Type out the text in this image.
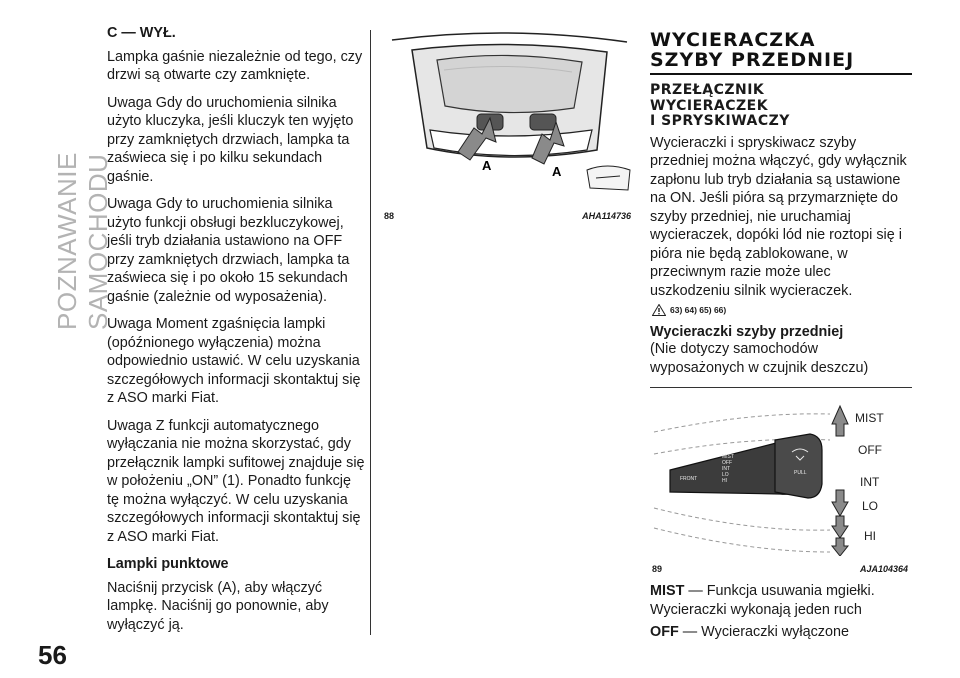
POZNAWANIE SAMOCHODU
56

C — WYŁ.

Lampka gaśnie niezależnie od tego, czy drzwi są otwarte czy zamknięte.

Uwaga Gdy do uruchomienia silnika użyto kluczyka, jeśli kluczyk ten wyjęto przy zamkniętych drzwiach, lampka ta zaświeca się i po kilku sekundach gaśnie.

Uwaga Gdy to uruchomienia silnika użyto funkcji obsługi bezkluczykowej, jeśli tryb działania ustawiono na OFF przy zamkniętych drzwiach, lampka ta zaświeca się i po około 15 sekundach gaśnie (zależnie od wyposażenia).

Uwaga Moment zgaśnięcia lampki (opóźnionego wyłączenia) można odpowiednio ustawić. W celu uzyskania szczegółowych informacji skontaktuj się z ASO marki Fiat.

Uwaga Z funkcji automatycznego wyłączania nie można skorzystać, gdy przełącznik lampki sufitowej znajduje się w położeniu „ON” (1). Ponadto funkcję tę można wyłączyć. W celu uzyskania szczegółowych informacji skontaktuj się z ASO marki Fiat.

Lampki punktowe

Naciśnij przycisk (A), aby włączyć lampkę. Naciśnij go ponownie, aby wyłączyć ją.

A	A
88	AHA114736
WYCIERACZKA
SZYBY PRZEDNIEJ
PRZEŁĄCZNIK
WYCIERACZEK
I SPRYSKIWACZY
Wycieraczki i spryskiwacz szyby przedniej można włączyć, gdy wyłącznik zapłonu lub tryb działania są ustawione na ON. Jeśli pióra są przymarznięte do szyby przedniej, nie uruchamiaj wycieraczek, dopóki lód nie roztopi się i pióra nie będą zablokowane, w przeciwnym razie może ulec uszkodzeniu silnik wycieraczek.
63) 64) 65) 66)
Wycieraczki szyby przedniej
(Nie dotyczy samochodów wyposażonych w czujnik deszczu)
FRONT
MIST
OFF
INT
LO
HI
PULL
MIST
OFF
INT
LO
HI
89	AJA104364
MIST — Funkcja usuwania mgiełki. Wycieraczki wykonają jeden ruch
OFF — Wycieraczki wyłączone
